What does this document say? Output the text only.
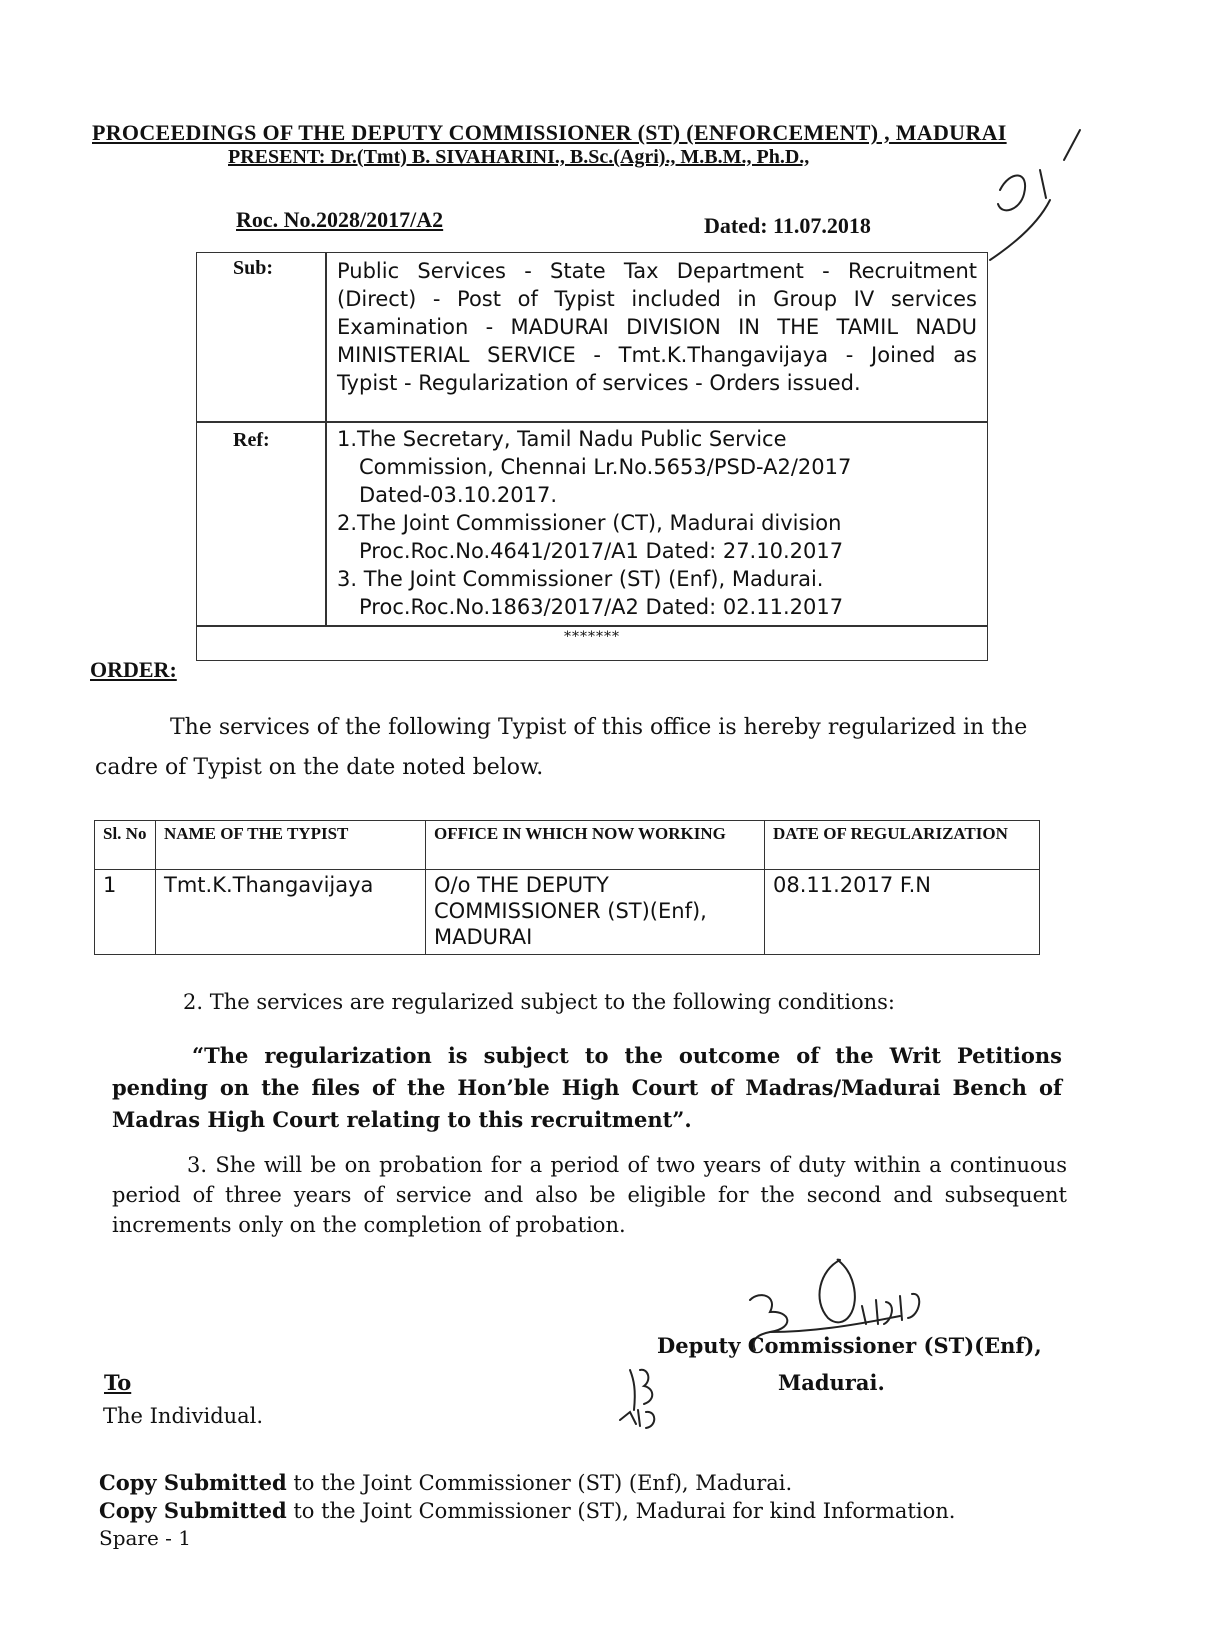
PROCEEDINGS OF THE DEPUTY COMMISSIONER (ST) (ENFORCEMENT) , MADURAI
PRESENT: Dr.(Tmt) B. SIVAHARINI., B.Sc.(Agri)., M.B.M., Ph.D.,
Roc. No.2028/2017/A2	Dated: 11.07.2018
Sub:	Public Services - State Tax Department - Recruitment (Direct) - Post of Typist included in Group IV services Examination - MADURAI DIVISION IN THE TAMIL NADU MINISTERIAL SERVICE - Tmt.K.Thangavijaya - Joined as Typist - Regularization of services - Orders issued.
Ref:	1.The Secretary, Tamil Nadu Public Service
Commission, Chennai Lr.No.5653/PSD-A2/2017
Dated-03.10.2017.
2.The Joint Commissioner (CT), Madurai division
Proc.Roc.No.4641/2017/A1 Dated: 27.10.2017
3. The Joint Commissioner (ST) (Enf), Madurai.
Proc.Roc.No.1863/2017/A2 Dated: 02.11.2017
*******
ORDER:
The services of the following Typist of this office is hereby regularized in the cadre of Typist on the date noted below.
Sl. No	NAME OF THE TYPIST	OFFICE IN WHICH NOW WORKING	DATE OF REGULARIZATION
1	Tmt.K.Thangavijaya	O/o THE DEPUTY COMMISSIONER (ST)(Enf), MADURAI	08.11.2017 F.N
2. The services are regularized subject to the following conditions:
“The regularization is subject to the outcome of the Writ Petitions pending on the files of the Hon’ble High Court of Madras/Madurai Bench of Madras High Court relating to this recruitment”.
3. She will be on probation for a period of two years of duty within a continuous period of three years of service and also be eligible for the second and subsequent increments only on the completion of probation.
Deputy Commissioner (ST)(Enf),
Madurai.
To
The Individual.
Copy Submitted to the Joint Commissioner (ST) (Enf), Madurai.
Copy Submitted to the Joint Commissioner (ST), Madurai for kind Information.
Spare - 1
